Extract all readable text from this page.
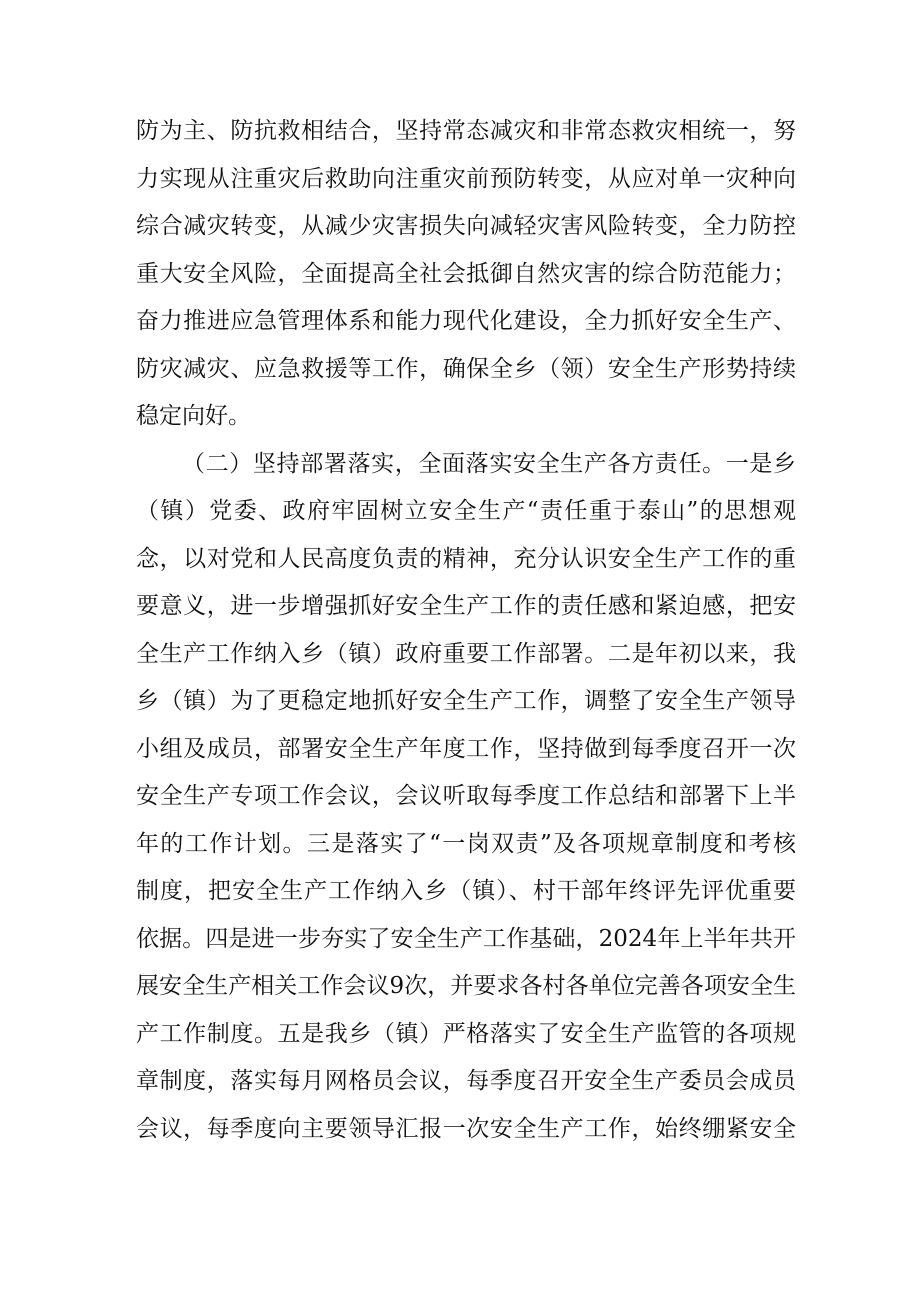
防为主、防抗救相结合，坚持常态减灾和非常态救灾相统一，努
力实现从注重灾后救助向注重灾前预防转变，从应对单一灾种向
综合减灾转变，从减少灾害损失向减轻灾害风险转变，全力防控
重大安全风险，全面提高全社会抵御自然灾害的综合防范能力；
奋力推进应急管理体系和能力现代化建设，全力抓好安全生产、
防灾减灾、应急救援等工作，确保全乡（领）安全生产形势持续
稳定向好。
（二）坚持部署落实，全面落实安全生产各方责任。一是乡
（镇）党委、政府牢固树立安全生产“责任重于泰山”的思想观
念，以对党和人民高度负责的精神，充分认识安全生产工作的重
要意义，进一步增强抓好安全生产工作的责任感和紧迫感，把安
全生产工作纳入乡（镇）政府重要工作部署。二是年初以来，我
乡（镇）为了更稳定地抓好安全生产工作，调整了安全生产领导
小组及成员，部署安全生产年度工作，坚持做到每季度召开一次
安全生产专项工作会议，会议听取每季度工作总结和部署下上半
年的工作计划。三是落实了“一岗双责”及各项规章制度和考核
制度，把安全生产工作纳入乡（镇）、村干部年终评先评优重要
依据。四是进一步夯实了安全生产工作基础，2024年上半年共开
展安全生产相关工作会议9次，并要求各村各单位完善各项安全生
产工作制度。五是我乡（镇）严格落实了安全生产监管的各项规
章制度，落实每月网格员会议，每季度召开安全生产委员会成员
会议，每季度向主要领导汇报一次安全生产工作，始终绷紧安全
